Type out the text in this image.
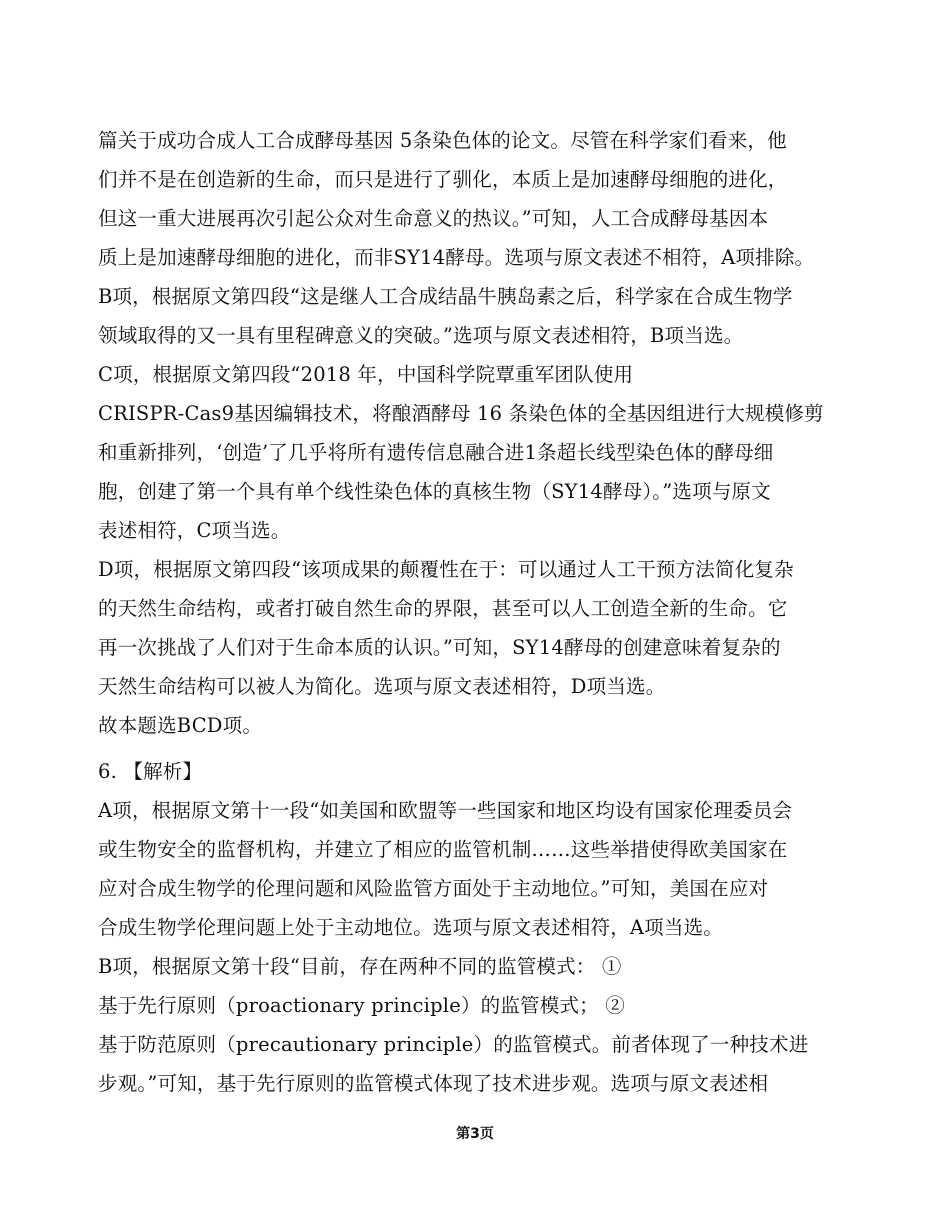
篇关于成功合成人工合成酵母基因 5条染色体的论文。尽管在科学家们看来，他
们并不是在创造新的生命，而只是进行了驯化，本质上是加速酵母细胞的进化，
但这一重大进展再次引起公众对生命意义的热议。”可知，人工合成酵母基因本
质上是加速酵母细胞的进化，而非SY14酵母。选项与原文表述不相符，A项排除。
B项，根据原文第四段“这是继人工合成结晶牛胰岛素之后，科学家在合成生物学
领域取得的又一具有里程碑意义的突破。”选项与原文表述相符，B项当选。
C项，根据原文第四段“2018 年，中国科学院覃重军团队使用
CRISPR-Cas9基因编辑技术，将酿酒酵母 16 条染色体的全基因组进行大规模修剪
和重新排列，‘创造’了几乎将所有遗传信息融合进1条超长线型染色体的酵母细
胞，创建了第一个具有单个线性染色体的真核生物（SY14酵母）。”选项与原文
表述相符，C项当选。
D项，根据原文第四段“该项成果的颠覆性在于：可以通过人工干预方法简化复杂
的天然生命结构，或者打破自然生命的界限，甚至可以人工创造全新的生命。它
再一次挑战了人们对于生命本质的认识。”可知，SY14酵母的创建意味着复杂的
天然生命结构可以被人为简化。选项与原文表述相符，D项当选。
故本题选BCD项。
6. 【解析】
A项，根据原文第十一段“如美国和欧盟等一些国家和地区均设有国家伦理委员会
或生物安全的监督机构，并建立了相应的监管机制……这些举措使得欧美国家在
应对合成生物学的伦理问题和风险监管方面处于主动地位。”可知，美国在应对
合成生物学伦理问题上处于主动地位。选项与原文表述相符，A项当选。
B项，根据原文第十段“目前，存在两种不同的监管模式： ①
基于先行原则（proactionary principle）的监管模式； ②
基于防范原则（precautionary principle）的监管模式。前者体现了一种技术进
步观。”可知，基于先行原则的监管模式体现了技术进步观。选项与原文表述相
第3页
